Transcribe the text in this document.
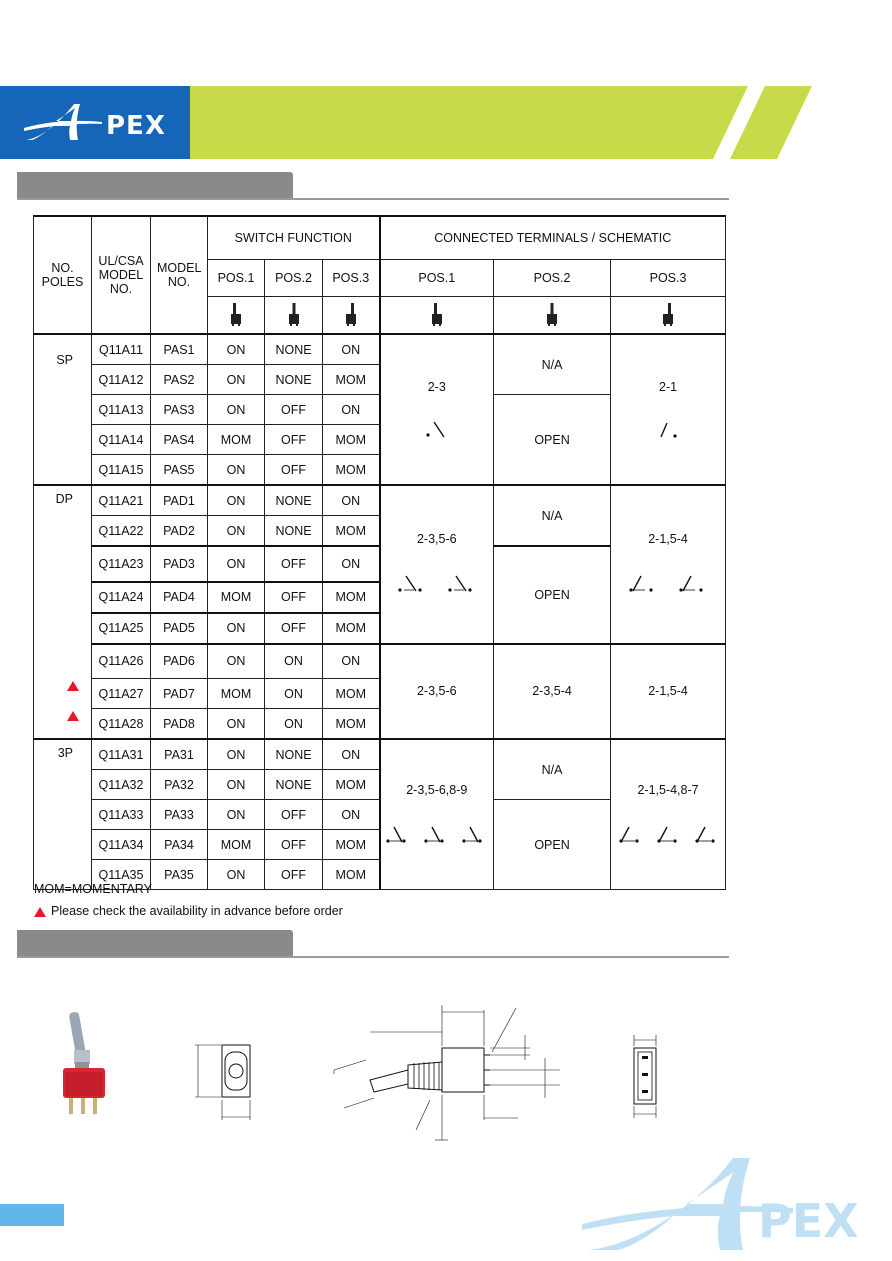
PEX
NO. POLES	UL/CSA MODEL NO.	MODEL NO.	SWITCH FUNCTION			CONNECTED TERMINALS / SCHEMATIC		
			POS.1	POS.2	POS.3	POS.1	POS.2	POS.3

SP	Q11A11	PAS1	ON	NONE	ON	2-3	N/A	2-1

	Q11A12	PAS2	ON	NONE	MOM			
	Q11A13	PAS3	ON	OFF	ON		OPEN	
	Q11A14	PAS4	MOM	OFF	MOM			
	Q11A15	PAS5	ON	OFF	MOM			

DP	Q11A21	PAD1	ON	NONE	ON	2-3,5-6	N/A	2-1,5-4

	Q11A22	PAD2	ON	NONE	MOM			
	Q11A23	PAD3	ON	OFF	ON		OPEN	
	Q11A24	PAD4	MOM	OFF	MOM			
	Q11A25	PAD5	ON	OFF	MOM			
	Q11A26	PAD6	ON	ON	ON	2-3,5-6	2-3,5-4	2-1,5-4
	Q11A27	PAD7	MOM	ON	MOM			
	Q11A28	PAD8	ON	ON	MOM			
3P	Q11A31	PA31	ON	NONE	ON	2-3,5-6,8-9	N/A	2-1,5-4,8-7

	Q11A32	PA32	ON	NONE	MOM			
	Q11A33	PA33	ON	OFF	ON		OPEN	
	Q11A34	PA34	MOM	OFF	MOM			
	Q11A35	PA35	ON	OFF	MOM			
MOM=MOMENTARY
Please check the availability in advance before order
PEX
